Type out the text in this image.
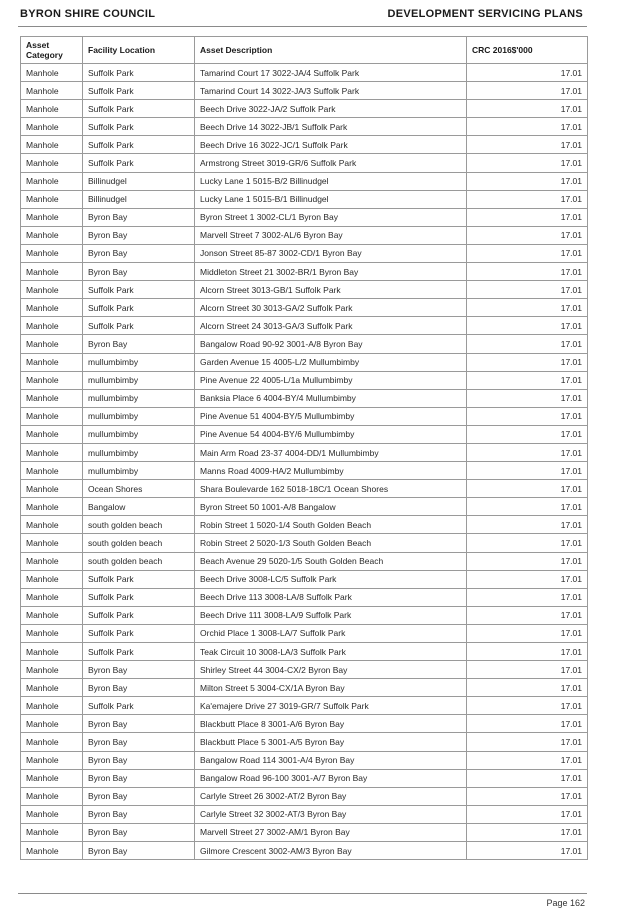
BYRON SHIRE COUNCIL	DEVELOPMENT SERVICING PLANS
Asset Category	Facility Location	Asset Description	CRC 2016$'000
Manhole	Suffolk Park	Tamarind Court 17 3022-JA/4 Suffolk Park	17.01
Manhole	Suffolk Park	Tamarind Court 14 3022-JA/3 Suffolk Park	17.01
Manhole	Suffolk Park	Beech Drive 3022-JA/2 Suffolk Park	17.01
Manhole	Suffolk Park	Beech Drive 14 3022-JB/1 Suffolk Park	17.01
Manhole	Suffolk Park	Beech Drive 16 3022-JC/1 Suffolk Park	17.01
Manhole	Suffolk Park	Armstrong Street 3019-GR/6 Suffolk Park	17.01
Manhole	Billinudgel	Lucky Lane 1 5015-B/2 Billinudgel	17.01
Manhole	Billinudgel	Lucky Lane 1 5015-B/1 Billinudgel	17.01
Manhole	Byron Bay	Byron Street 1 3002-CL/1 Byron Bay	17.01
Manhole	Byron Bay	Marvell Street 7 3002-AL/6 Byron Bay	17.01
Manhole	Byron Bay	Jonson Street 85-87 3002-CD/1 Byron Bay	17.01
Manhole	Byron Bay	Middleton Street 21 3002-BR/1 Byron Bay	17.01
Manhole	Suffolk Park	Alcorn Street 3013-GB/1 Suffolk Park	17.01
Manhole	Suffolk Park	Alcorn Street 30 3013-GA/2 Suffolk Park	17.01
Manhole	Suffolk Park	Alcorn Street 24 3013-GA/3 Suffolk Park	17.01
Manhole	Byron Bay	Bangalow Road 90-92 3001-A/8 Byron Bay	17.01
Manhole	mullumbimby	Garden Avenue 15 4005-L/2 Mullumbimby	17.01
Manhole	mullumbimby	Pine Avenue 22 4005-L/1a Mullumbimby	17.01
Manhole	mullumbimby	Banksia Place 6 4004-BY/4 Mullumbimby	17.01
Manhole	mullumbimby	Pine Avenue 51 4004-BY/5 Mullumbimby	17.01
Manhole	mullumbimby	Pine Avenue 54 4004-BY/6 Mullumbimby	17.01
Manhole	mullumbimby	Main Arm Road 23-37 4004-DD/1 Mullumbimby	17.01
Manhole	mullumbimby	Manns Road 4009-HA/2 Mullumbimby	17.01
Manhole	Ocean Shores	Shara Boulevarde 162 5018-18C/1 Ocean Shores	17.01
Manhole	Bangalow	Byron Street 50 1001-A/8 Bangalow	17.01
Manhole	south golden beach	Robin Street 1 5020-1/4 South Golden Beach	17.01
Manhole	south golden beach	Robin Street 2 5020-1/3 South Golden Beach	17.01
Manhole	south golden beach	Beach Avenue 29 5020-1/5 South Golden Beach	17.01
Manhole	Suffolk Park	Beech Drive 3008-LC/5 Suffolk Park	17.01
Manhole	Suffolk Park	Beech Drive 113 3008-LA/8 Suffolk Park	17.01
Manhole	Suffolk Park	Beech Drive 111 3008-LA/9 Suffolk Park	17.01
Manhole	Suffolk Park	Orchid Place 1 3008-LA/7 Suffolk Park	17.01
Manhole	Suffolk Park	Teak Circuit 10 3008-LA/3 Suffolk Park	17.01
Manhole	Byron Bay	Shirley Street 44 3004-CX/2 Byron Bay	17.01
Manhole	Byron Bay	Milton Street 5 3004-CX/1A Byron Bay	17.01
Manhole	Suffolk Park	Ka'emajere Drive 27 3019-GR/7 Suffolk Park	17.01
Manhole	Byron Bay	Blackbutt Place 8 3001-A/6 Byron Bay	17.01
Manhole	Byron Bay	Blackbutt Place 5 3001-A/5 Byron Bay	17.01
Manhole	Byron Bay	Bangalow Road 114 3001-A/4 Byron Bay	17.01
Manhole	Byron Bay	Bangalow Road 96-100 3001-A/7 Byron Bay	17.01
Manhole	Byron Bay	Carlyle Street 26 3002-AT/2 Byron Bay	17.01
Manhole	Byron Bay	Carlyle Street 32 3002-AT/3 Byron Bay	17.01
Manhole	Byron Bay	Marvell Street 27 3002-AM/1 Byron Bay	17.01
Manhole	Byron Bay	Gilmore Crescent 3002-AM/3 Byron Bay	17.01
Page 162
